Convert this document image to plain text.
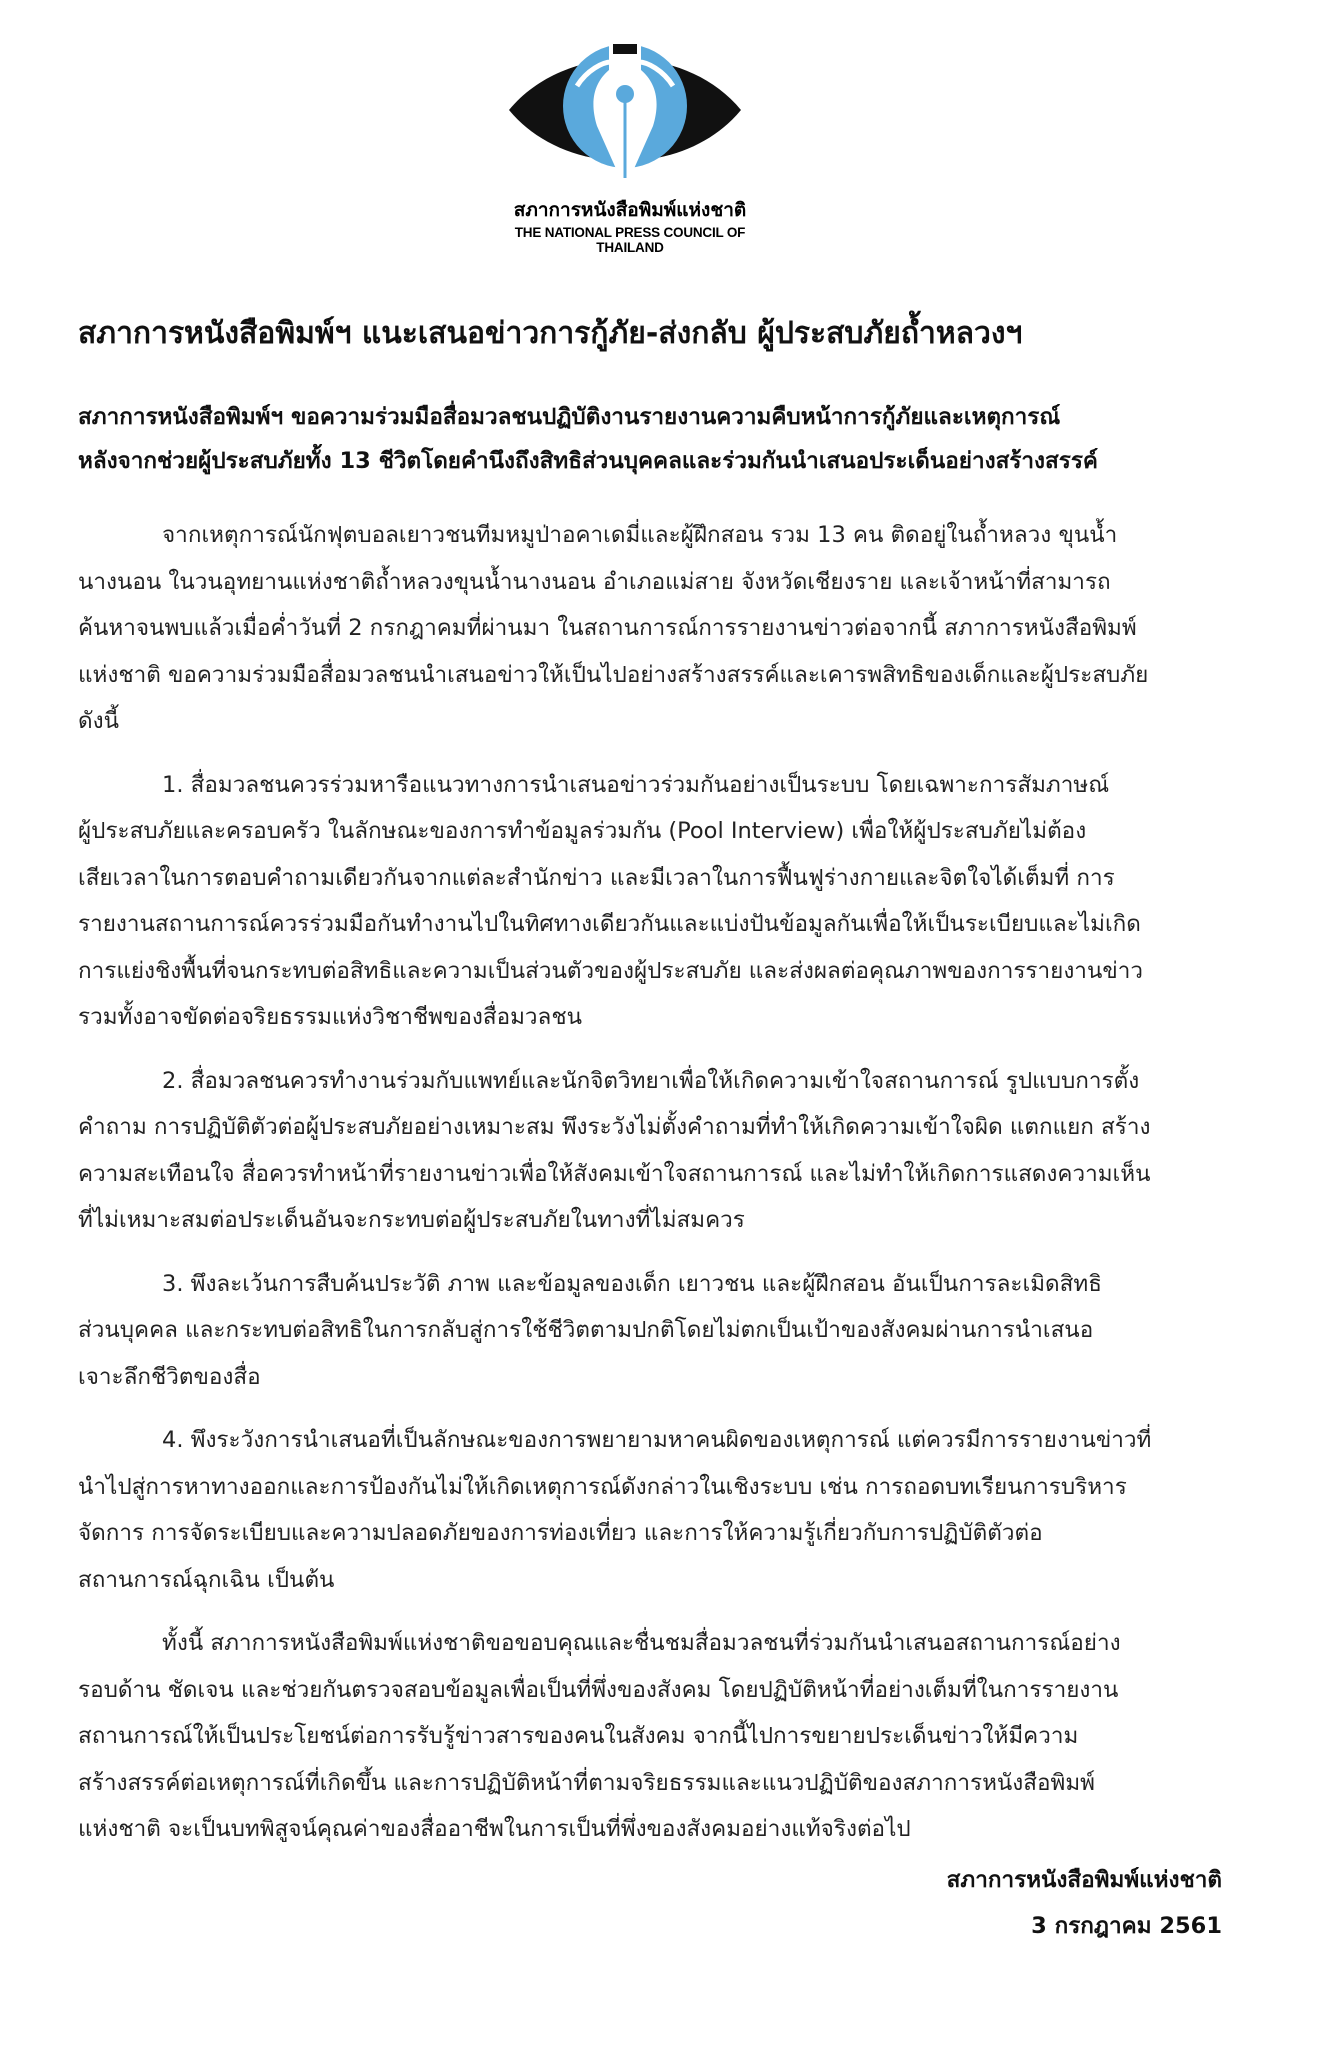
สภาการหนังสือพิมพ์แห่งชาติ
THE NATIONAL PRESS COUNCIL OF THAILAND
สภาการหนังสือพิมพ์ฯ แนะเสนอข่าวการกู้ภัย-ส่งกลับ ผู้ประสบภัยถ้ำหลวงฯ
สภาการหนังสือพิมพ์ฯ ขอความร่วมมือสื่อมวลชนปฏิบัติงานรายงานความคืบหน้าการกู้ภัยและเหตุการณ์
หลังจากช่วยผู้ประสบภัยทั้ง 13 ชีวิตโดยคำนึงถึงสิทธิส่วนบุคคลและร่วมกันนำเสนอประเด็นอย่างสร้างสรรค์

จากเหตุการณ์นักฟุตบอลเยาวชนทีมหมูป่าอคาเดมี่และผู้ฝึกสอน รวม 13 คน ติดอยู่ในถ้ำหลวง ขุนน้ำ
นางนอน ในวนอุทยานแห่งชาติถ้ำหลวงขุนน้ำนางนอน อำเภอแม่สาย จังหวัดเชียงราย และเจ้าหน้าที่สามารถ
ค้นหาจนพบแล้วเมื่อค่ำวันที่ 2 กรกฎาคมที่ผ่านมา ในสถานการณ์การรายงานข่าวต่อจากนี้ สภาการหนังสือพิมพ์
แห่งชาติ ขอความร่วมมือสื่อมวลชนนำเสนอข่าวให้เป็นไปอย่างสร้างสรรค์และเคารพสิทธิของเด็กและผู้ประสบภัย
ดังนี้

1. สื่อมวลชนควรร่วมหารือแนวทางการนำเสนอข่าวร่วมกันอย่างเป็นระบบ โดยเฉพาะการสัมภาษณ์
ผู้ประสบภัยและครอบครัว ในลักษณะของการทำข้อมูลร่วมกัน (Pool Interview) เพื่อให้ผู้ประสบภัยไม่ต้อง
เสียเวลาในการตอบคำถามเดียวกันจากแต่ละสำนักข่าว และมีเวลาในการฟื้นฟูร่างกายและจิตใจได้เต็มที่ การ
รายงานสถานการณ์ควรร่วมมือกันทำงานไปในทิศทางเดียวกันและแบ่งปันข้อมูลกันเพื่อให้เป็นระเบียบและไม่เกิด
การแย่งชิงพื้นที่จนกระทบต่อสิทธิและความเป็นส่วนตัวของผู้ประสบภัย และส่งผลต่อคุณภาพของการรายงานข่าว
รวมทั้งอาจขัดต่อจริยธรรมแห่งวิชาชีพของสื่อมวลชน

2. สื่อมวลชนควรทำงานร่วมกับแพทย์และนักจิตวิทยาเพื่อให้เกิดความเข้าใจสถานการณ์ รูปแบบการตั้ง
คำถาม การปฏิบัติตัวต่อผู้ประสบภัยอย่างเหมาะสม พึงระวังไม่ตั้งคำถามที่ทำให้เกิดความเข้าใจผิด แตกแยก สร้าง
ความสะเทือนใจ สื่อควรทำหน้าที่รายงานข่าวเพื่อให้สังคมเข้าใจสถานการณ์ และไม่ทำให้เกิดการแสดงความเห็น
ที่ไม่เหมาะสมต่อประเด็นอันจะกระทบต่อผู้ประสบภัยในทางที่ไม่สมควร

3. พึงละเว้นการสืบค้นประวัติ ภาพ และข้อมูลของเด็ก เยาวชน และผู้ฝึกสอน อันเป็นการละเมิดสิทธิ
ส่วนบุคคล และกระทบต่อสิทธิในการกลับสู่การใช้ชีวิตตามปกติโดยไม่ตกเป็นเป้าของสังคมผ่านการนำเสนอ
เจาะลึกชีวิตของสื่อ

4. พึงระวังการนำเสนอที่เป็นลักษณะของการพยายามหาคนผิดของเหตุการณ์ แต่ควรมีการรายงานข่าวที่
นำไปสู่การหาทางออกและการป้องกันไม่ให้เกิดเหตุการณ์ดังกล่าวในเชิงระบบ เช่น การถอดบทเรียนการบริหาร
จัดการ การจัดระเบียบและความปลอดภัยของการท่องเที่ยว และการให้ความรู้เกี่ยวกับการปฏิบัติตัวต่อ
สถานการณ์ฉุกเฉิน เป็นต้น

ทั้งนี้ สภาการหนังสือพิมพ์แห่งชาติขอขอบคุณและชื่นชมสื่อมวลชนที่ร่วมกันนำเสนอสถานการณ์อย่าง
รอบด้าน ชัดเจน และช่วยกันตรวจสอบข้อมูลเพื่อเป็นที่พึ่งของสังคม โดยปฏิบัติหน้าที่อย่างเต็มที่ในการรายงาน
สถานการณ์ให้เป็นประโยชน์ต่อการรับรู้ข่าวสารของคนในสังคม จากนี้ไปการขยายประเด็นข่าวให้มีความ
สร้างสรรค์ต่อเหตุการณ์ที่เกิดขึ้น และการปฏิบัติหน้าที่ตามจริยธรรมและแนวปฏิบัติของสภาการหนังสือพิมพ์
แห่งชาติ จะเป็นบทพิสูจน์คุณค่าของสื่ออาชีพในการเป็นที่พึ่งของสังคมอย่างแท้จริงต่อไป

สภาการหนังสือพิมพ์แห่งชาติ
3 กรกฎาคม 2561
